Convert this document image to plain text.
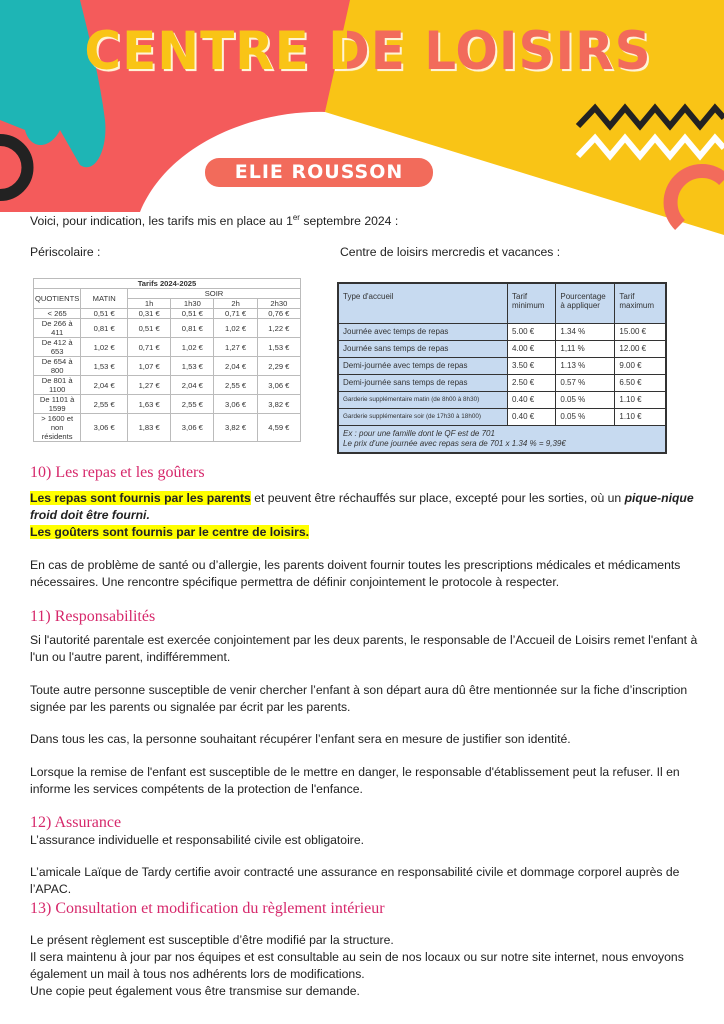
CENTRE DE LOISIRS
ELIE ROUSSON
Voici, pour indication, les tarifs mis en place au 1er septembre 2024 :
Périscolaire :	Centre de loisirs mercredis et vacances :
Tarifs 2024-2025					
QUOTIENTS	MATIN	SOIR			
		1h	1h30	2h	2h30
< 265	0,51 €	0,31 €	0,51 €	0,71 €	0,76 €
De 266 à 411	0,81 €	0,51 €	0,81 €	1,02 €	1,22 €
De 412 à 653	1,02 €	0,71 €	1,02 €	1,27 €	1,53 €
De 654 à 800	1,53 €	1,07 €	1,53 €	2,04 €	2,29 €
De 801 à 1100	2,04 €	1,27 €	2,04 €	2,55 €	3,06 €
De 1101 à 1599	2,55 €	1,63 €	2,55 €	3,06 €	3,82 €
> 1600 et non résidents	3,06 €	1,83 €	3,06 €	3,82 €	4,59 €
Type d'accueil	Tarif minimum	Pourcentage à appliquer	Tarif maximum
Journée avec temps de repas	5.00 €	1.34 %	15.00 €
Journée sans temps de repas	4.00 €	1,11 %	12.00 €
Demi-journée avec temps de repas	3.50 €	1.13 %	9.00 €
Demi-journée sans temps de repas	2.50 €	0.57 %	6.50 €
Garderie supplémentaire matin (de 8h00 à 8h30)	0.40 €	0.05 %	1.10 €
Garderie supplémentaire soir (de 17h30 à 18h00)	0.40 €	0.05 %	1.10 €

Ex : pour une famille dont le QF est de 701
Le prix d'une journée avec repas sera de 701 x 1.34 % = 9,39€			
10) Les repas et les goûters
Les repas sont fournis par les parents et peuvent être réchauffés sur place, excepté pour les sorties, où un pique-nique froid doit être fourni.
Les goûters sont fournis par le centre de loisirs.
En cas de problème de santé ou d’allergie, les parents doivent fournir toutes les prescriptions médicales et médicaments nécessaires. Une rencontre spécifique permettra de définir conjointement le protocole à respecter.
11) Responsabilités
Si l'autorité parentale est exercée conjointement par les deux parents, le responsable de l’Accueil de Loisirs remet l'enfant à l'un ou l'autre parent, indifféremment.
Toute autre personne susceptible de venir chercher l’enfant à son départ aura dû être mentionnée sur la fiche d’inscription signée par les parents ou signalée par écrit par les parents.
Dans tous les cas, la personne souhaitant récupérer l’enfant sera en mesure de justifier son identité.
Lorsque la remise de l'enfant est susceptible de le mettre en danger, le responsable d'établissement peut la refuser. Il en informe les services compétents de la protection de l'enfance.
12) Assurance
L’assurance individuelle et responsabilité civile est obligatoire.
L’amicale Laïque de Tardy certifie avoir contracté une assurance en responsabilité civile et dommage corporel auprès de l’APAC.
13) Consultation et modification du règlement intérieur
Le présent règlement est susceptible d’être modifié par la structure.
Il sera maintenu à jour par nos équipes et est consultable au sein de nos locaux ou sur notre site internet, nous envoyons également un mail à tous nos adhérents lors de modifications.
Une copie peut également vous être transmise sur demande.
